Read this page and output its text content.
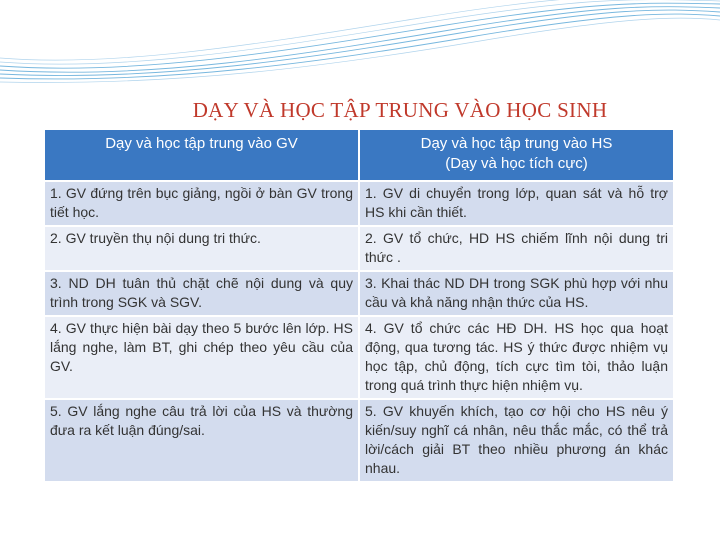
DẠY VÀ HỌC TẬP TRUNG VÀO HỌC SINH
Dạy và học tập trung vào GV	Dạy và học tập trung vào HS
(Dạy và học tích cực)

1. GV đứng trên bục giảng, ngồi ở bàn GV trong tiết học.	1. GV di chuyển trong lớp, quan sát và hỗ trợ HS khi cần thiết.
2. GV truyền thụ nội dung tri thức.	2. GV tổ chức, HD HS chiếm lĩnh nội dung tri thức .
3. ND DH tuân thủ chặt chẽ nội dung và quy trình trong SGK và SGV.	3. Khai thác ND DH trong SGK phù hợp với nhu cầu và khả năng nhận thức của HS.
4. GV thực hiện bài dạy theo 5 bước lên lớp. HS lắng nghe, làm BT, ghi chép theo yêu cầu của GV.	4. GV tổ chức các HĐ DH. HS học qua hoạt động, qua tương tác. HS ý thức được nhiệm vụ học tập, chủ động, tích cực tìm tòi, thảo luận trong quá trình thực hiện nhiệm vụ.
5. GV lắng nghe câu trả lời của HS và thường đưa ra kết luận đúng/sai.	5. GV khuyến khích, tạo cơ hội cho HS nêu ý kiến/suy nghĩ cá nhân, nêu thắc mắc, có thể trả lời/cách giải BT theo nhiều phương án khác nhau.
